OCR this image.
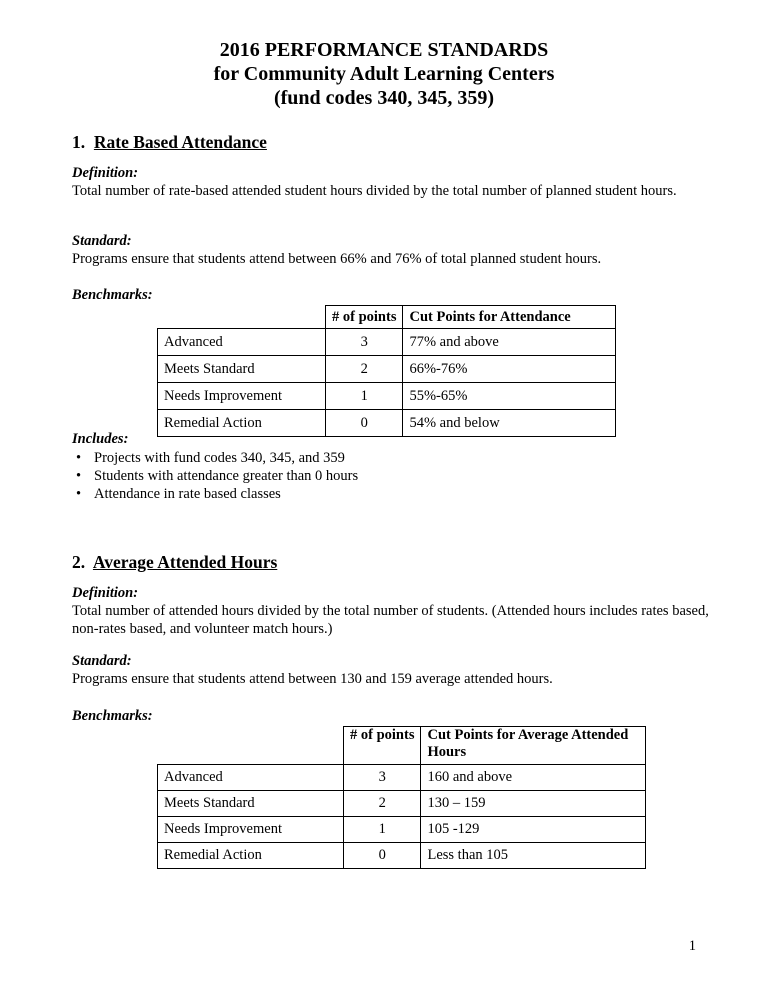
2016 PERFORMANCE STANDARDS
for Community Adult Learning Centers
(fund codes 340, 345, 359)
1. Rate Based Attendance
Definition:
Total number of rate-based attended student hours divided by the total number of planned student hours.
Standard:
Programs ensure that students attend between 66% and 76% of total planned student hours.
Benchmarks:
	# of points	Cut Points for Attendance
Advanced	3	77% and above
Meets Standard	2	66%-76%
Needs Improvement	1	55%-65%
Remedial Action	0	54% and below
Includes:
• Projects with fund codes 340, 345, and 359
• Students with attendance greater than 0 hours
• Attendance in rate based classes
2. Average Attended Hours
Definition:
Total number of attended hours divided by the total number of students. (Attended hours includes rates based, non-rates based, and volunteer match hours.)
Standard:
Programs ensure that students attend between 130 and 159 average attended hours.
Benchmarks:
	# of points	Cut Points for Average Attended Hours
Advanced	3	160 and above
Meets Standard	2	130 – 159
Needs Improvement	1	105 -129
Remedial Action	0	Less than 105
1
